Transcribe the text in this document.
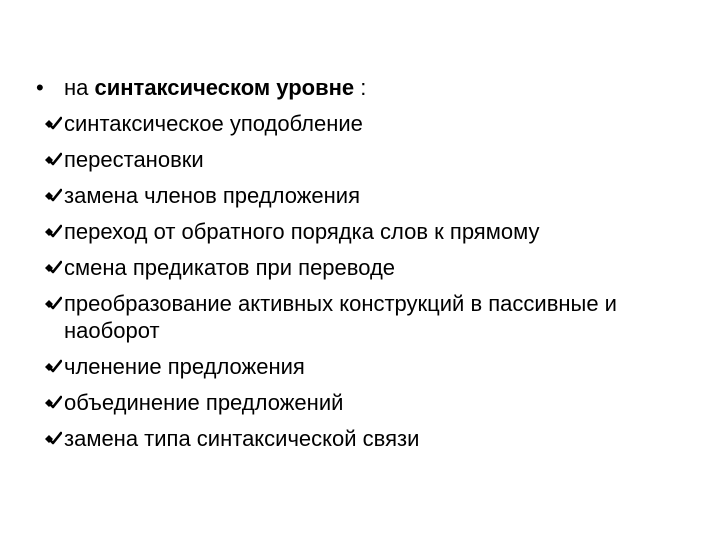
• на синтаксическом уровне :
синтаксическое уподобление
перестановки
замена членов предложения
переход от обратного порядка слов к прямому
смена предикатов при переводе
преобразование активных конструкций в пассивные и наоборот
членение предложения
объединение предложений
замена типа синтаксической связи
